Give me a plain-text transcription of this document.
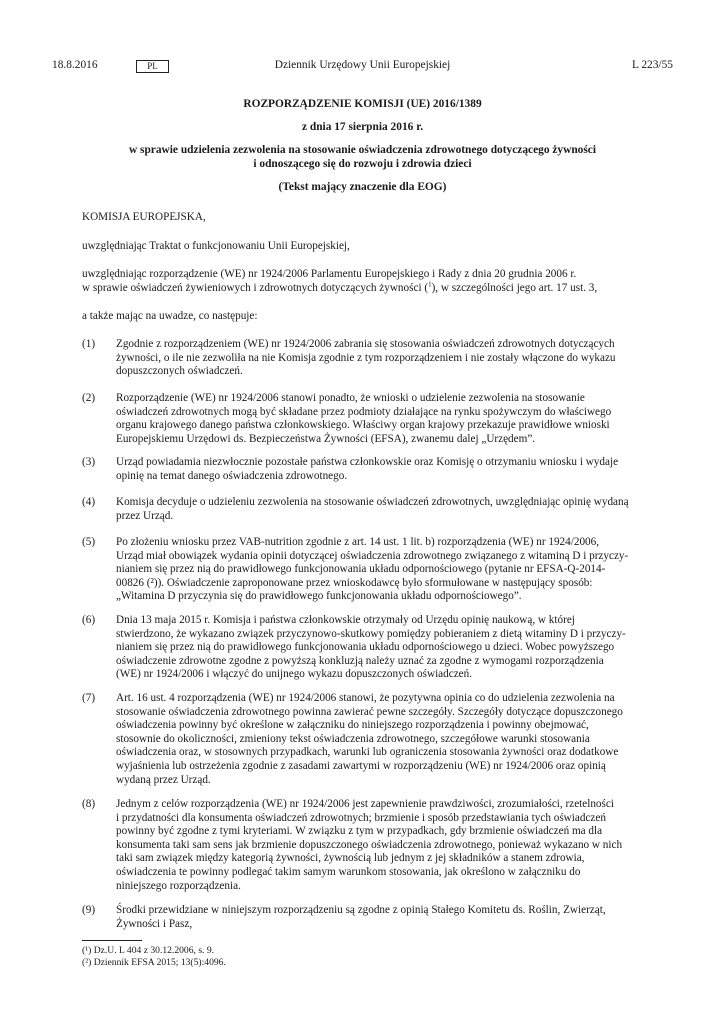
18.8.2016	PL	Dziennik Urzędowy Unii Europejskiej	L 223/55
ROZPORZĄDZENIE KOMISJI (UE) 2016/1389
z dnia 17 sierpnia 2016 r.
w sprawie udzielenia zezwolenia na stosowanie oświadczenia zdrowotnego dotyczącego żywności
i odnoszącego się do rozwoju i zdrowia dzieci
(Tekst mający znaczenie dla EOG)
KOMISJA EUROPEJSKA,
uwzględniając Traktat o funkcjonowaniu Unii Europejskiej,
uwzględniając rozporządzenie (WE) nr 1924/2006 Parlamentu Europejskiego i Rady z dnia 20 grudnia 2006 r.
w sprawie oświadczeń żywieniowych i zdrowotnych dotyczących żywności ($^1$), w szczególności jego art. 17 ust. 3,
a także mając na uwadze, co następuje:
(1) Zgodnie z rozporządzeniem (WE) nr 1924/2006 zabrania się stosowania oświadczeń zdrowotnych dotyczących
żywności, o ile nie zezwoliła na nie Komisja zgodnie z tym rozporządzeniem i nie zostały włączone do wykazu
dopuszczonych oświadczeń.
(2) Rozporządzenie (WE) nr 1924/2006 stanowi ponadto, że wnioski o udzielenie zezwolenia na stosowanie
oświadczeń zdrowotnych mogą być składane przez podmioty działające na rynku spożywczym do właściwego
organu krajowego danego państwa członkowskiego. Właściwy organ krajowy przekazuje prawidłowe wnioski
Europejskiemu Urzędowi ds. Bezpieczeństwa Żywności (EFSA), zwanemu dalej „Urzędem”.
(3) Urząd powiadamia niezwłocznie pozostałe państwa członkowskie oraz Komisję o otrzymaniu wniosku i wydaje
opinię na temat danego oświadczenia zdrowotnego.
(4) Komisja decyduje o udzieleniu zezwolenia na stosowanie oświadczeń zdrowotnych, uwzględniając opinię wydaną
przez Urząd.
(5) Po złożeniu wniosku przez VAB-nutrition zgodnie z art. 14 ust. 1 lit. b) rozporządzenia (WE) nr 1924/2006,
Urząd miał obowiązek wydania opinii dotyczącej oświadczenia zdrowotnego związanego z witaminą D i przyczy-
nianiem się przez nią do prawidłowego funkcjonowania układu odpornościowego (pytanie nr EFSA-Q-2014-
00826 (²)). Oświadczenie zaproponowane przez wnioskodawcę było sformułowane w następujący sposób:
„Witamina D przyczynia się do prawidłowego funkcjonowania układu odpornościowego”.
(6) Dnia 13 maja 2015 r. Komisja i państwa członkowskie otrzymały od Urzędu opinię naukową, w której
stwierdzono, że wykazano związek przyczynowo-skutkowy pomiędzy pobieraniem z dietą witaminy D i przyczy-
nianiem się przez nią do prawidłowego funkcjonowania układu odpornościowego u dzieci. Wobec powyższego
oświadczenie zdrowotne zgodne z powyższą konkluzją należy uznać za zgodne z wymogami rozporządzenia
(WE) nr 1924/2006 i włączyć do unijnego wykazu dopuszczonych oświadczeń.
(7) Art. 16 ust. 4 rozporządzenia (WE) nr 1924/2006 stanowi, że pozytywna opinia co do udzielenia zezwolenia na
stosowanie oświadczenia zdrowotnego powinna zawierać pewne szczegóły. Szczegóły dotyczące dopuszczonego
oświadczenia powinny być określone w załączniku do niniejszego rozporządzenia i powinny obejmować,
stosownie do okoliczności, zmieniony tekst oświadczenia zdrowotnego, szczegółowe warunki stosowania
oświadczenia oraz, w stosownych przypadkach, warunki lub ograniczenia stosowania żywności oraz dodatkowe
wyjaśnienia lub ostrzeżenia zgodnie z zasadami zawartymi w rozporządzeniu (WE) nr 1924/2006 oraz opinią
wydaną przez Urząd.
(8) Jednym z celów rozporządzenia (WE) nr 1924/2006 jest zapewnienie prawdziwości, zrozumiałości, rzetelności
i przydatności dla konsumenta oświadczeń zdrowotnych; brzmienie i sposób przedstawiania tych oświadczeń
powinny być zgodne z tymi kryteriami. W związku z tym w przypadkach, gdy brzmienie oświadczeń ma dla
konsumenta taki sam sens jak brzmienie dopuszczonego oświadczenia zdrowotnego, ponieważ wykazano w nich
taki sam związek między kategorią żywności, żywnością lub jednym z jej składników a stanem zdrowia,
oświadczenia te powinny podlegać takim samym warunkom stosowania, jak określono w załączniku do
niniejszego rozporządzenia.
(9) Środki przewidziane w niniejszym rozporządzeniu są zgodne z opinią Stałego Komitetu ds. Roślin, Zwierząt,
Żywności i Pasz,
(¹) Dz.U. L 404 z 30.12.2006, s. 9.
(²) Dziennik EFSA 2015; 13(5):4096.
